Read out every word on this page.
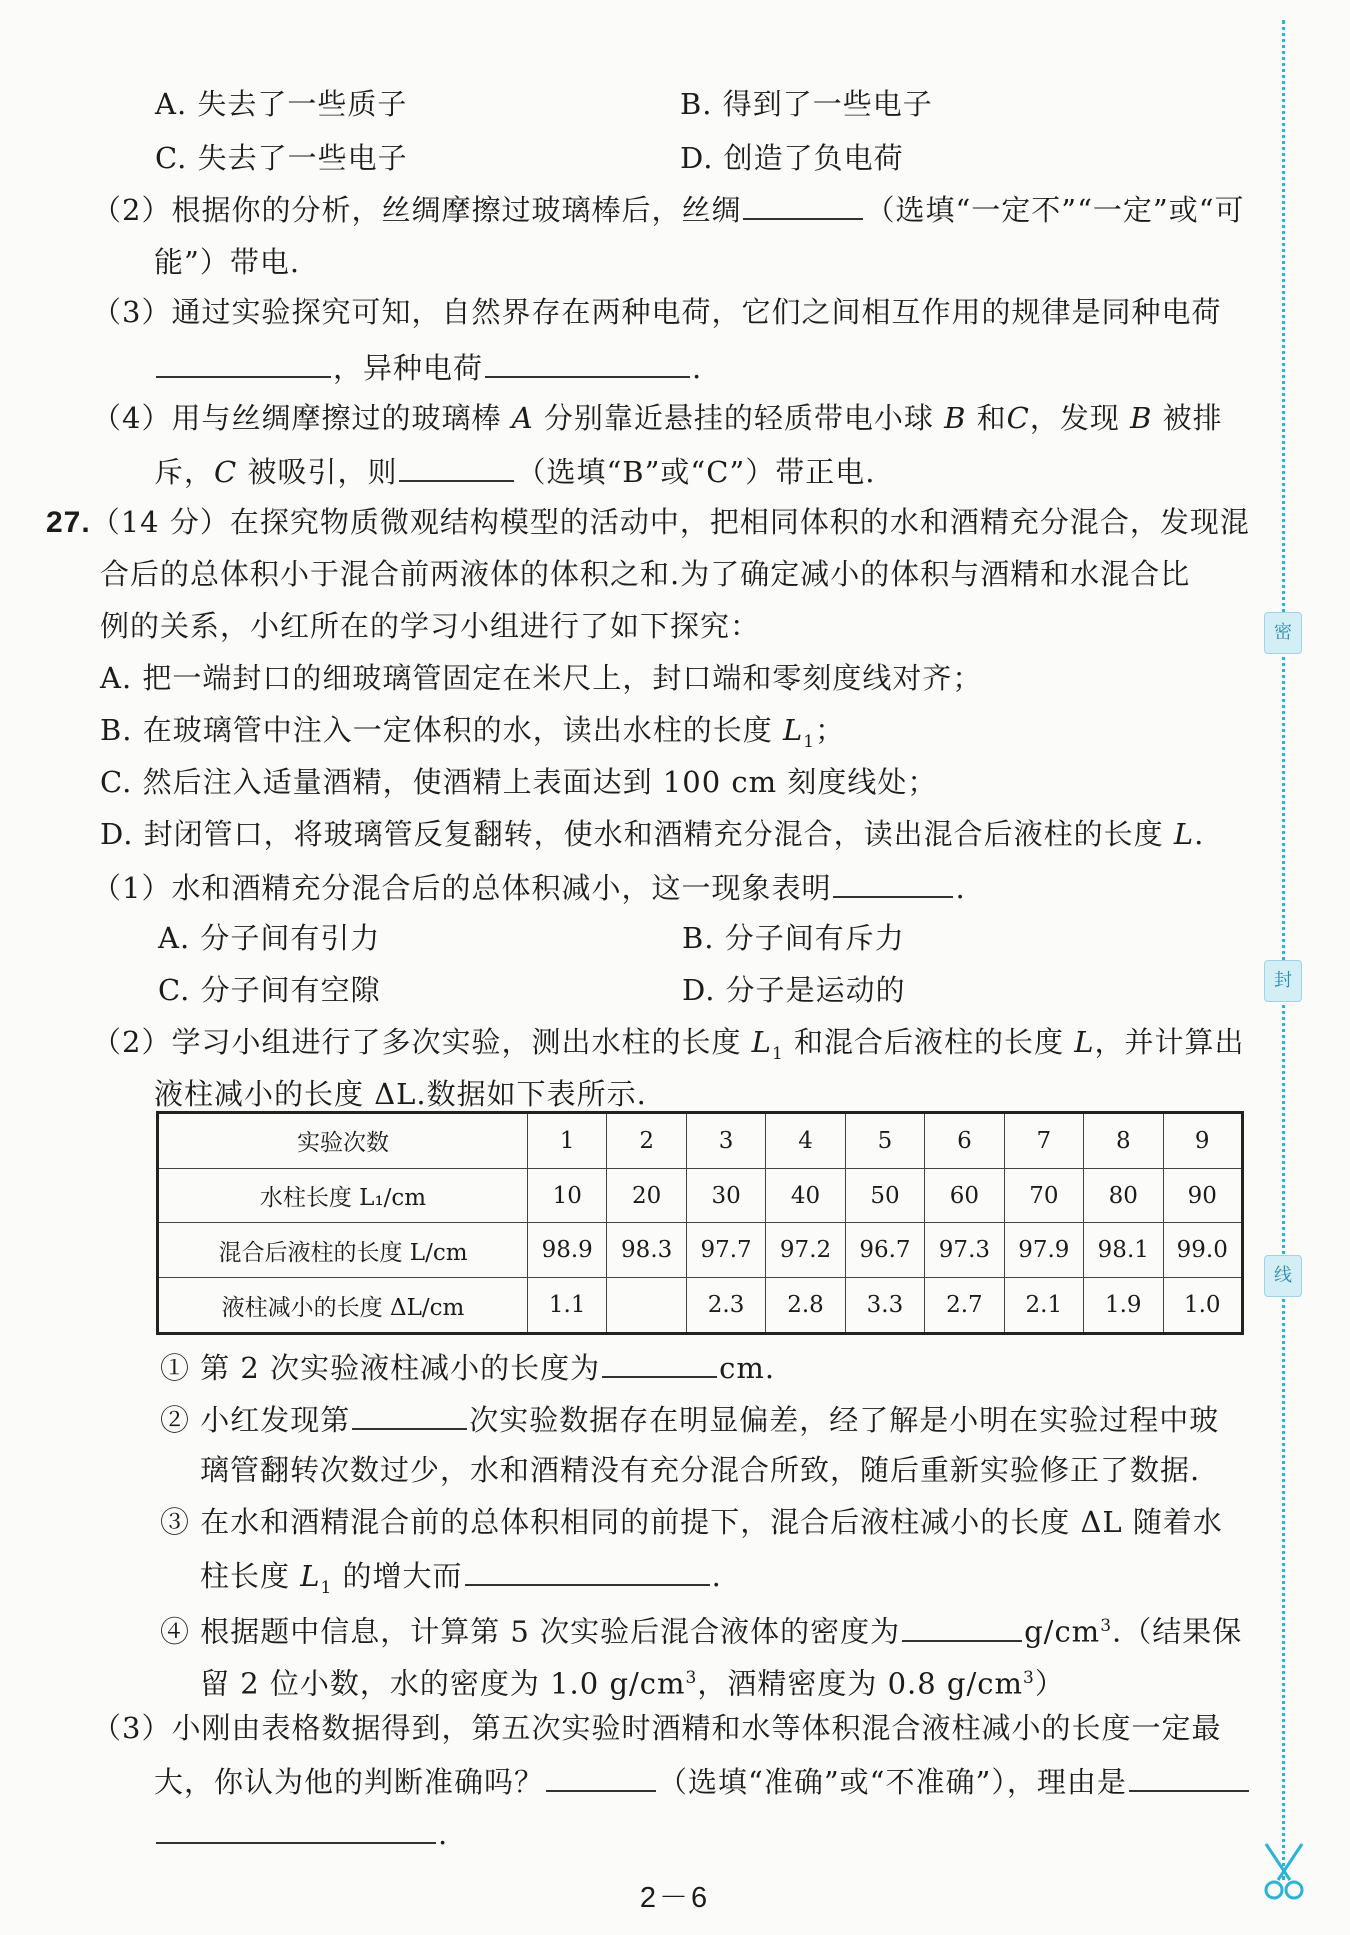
A. 失去了一些质子	B. 得到了一些电子
C. 失去了一些电子	D. 创造了负电荷
（2）根据你的分析，丝绸摩擦过玻璃棒后，丝绸	（选填“一定不”“一定”或“可
能”）带电.
（3）通过实验探究可知，自然界存在两种电荷，它们之间相互作用的规律是同种电荷
，异种电荷	.
（4）用与丝绸摩擦过的玻璃棒 A 分别靠近悬挂的轻质带电小球 B 和C，发现 B 被排
斥，C 被吸引，则	（选填“B”或“C”）带正电.
27.（14 分）在探究物质微观结构模型的活动中，把相同体积的水和酒精充分混合，发现混
合后的总体积小于混合前两液体的体积之和.为了确定减小的体积与酒精和水混合比
例的关系，小红所在的学习小组进行了如下探究：
A. 把一端封口的细玻璃管固定在米尺上，封口端和零刻度线对齐；
B. 在玻璃管中注入一定体积的水，读出水柱的长度 $L_1$；
C. 然后注入适量酒精，使酒精上表面达到 100 cm 刻度线处；
D. 封闭管口，将玻璃管反复翻转，使水和酒精充分混合，读出混合后液柱的长度 L.
（1）水和酒精充分混合后的总体积减小，这一现象表明	.
A. 分子间有引力	B. 分子间有斥力
C. 分子间有空隙	D. 分子是运动的
（2）学习小组进行了多次实验，测出水柱的长度 $L_1$ 和混合后液柱的长度 L，并计算出
液柱减小的长度 ΔL.数据如下表所示.
实验次数	1	2	3	4	5	6	7	8	9
水柱长度 L₁/cm	10	20	30	40	50	60	70	80	90
混合后液柱的长度 L/cm	98.9	98.3	97.7	97.2	96.7	97.3	97.9	98.1	99.0
液柱减小的长度 ΔL/cm	1.1		2.3	2.8	3.3	2.7	2.1	1.9	1.0
① 第 2 次实验液柱减小的长度为	cm.
② 小红发现第	次实验数据存在明显偏差，经了解是小明在实验过程中玻
璃管翻转次数过少，水和酒精没有充分混合所致，随后重新实验修正了数据.
③ 在水和酒精混合前的总体积相同的前提下，混合后液柱减小的长度 ΔL 随着水
柱长度 $L_1$ 的增大而	.
④ 根据题中信息，计算第 5 次实验后混合液体的密度为	$g/cm^3$.（结果保
留 2 位小数，水的密度为 1.0 $g/cm^3$，酒精密度为 0.8 $g/cm^3$）
（3）小刚由表格数据得到，第五次实验时酒精和水等体积混合液柱减小的长度一定最
大，你认为他的判断准确吗？	（选填“准确”或“不准确”），理由是
.
密
封
线
2－6
